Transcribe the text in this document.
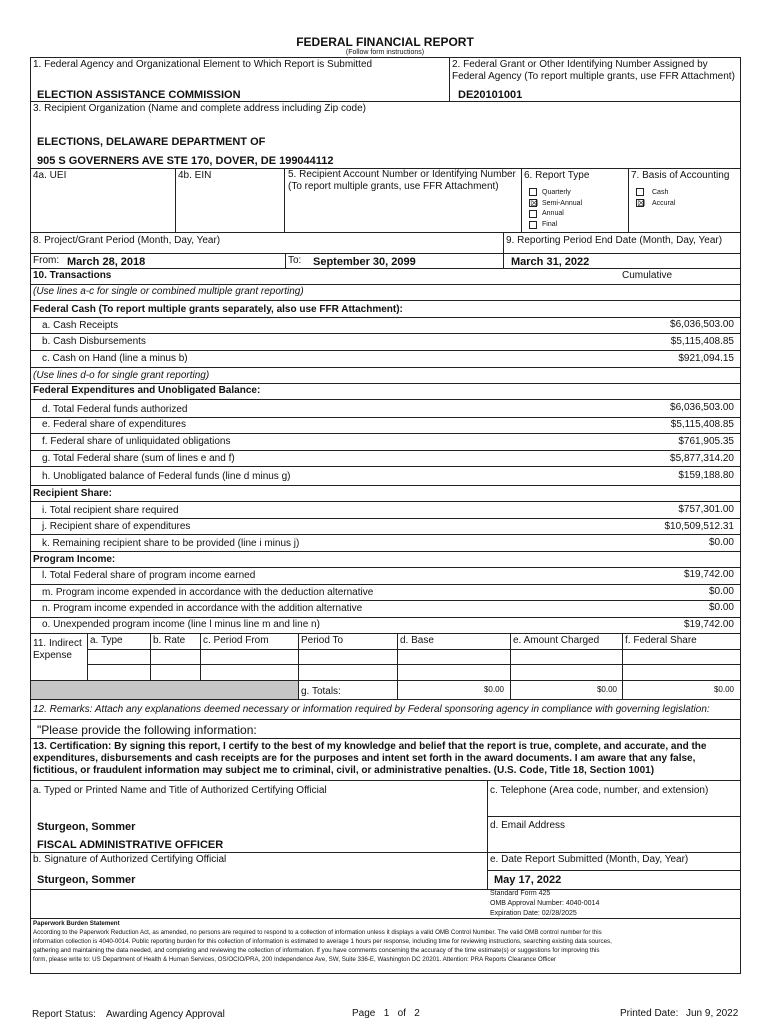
FEDERAL FINANCIAL REPORT
(Follow form instructions)
1. Federal Agency and Organizational Element to Which Report is Submitted
ELECTION ASSISTANCE COMMISSION
2. Federal Grant or Other Identifying Number Assigned by
Federal Agency (To report multiple grants, use FFR Attachment)
DE20101001
3. Recipient Organization (Name and complete address including Zip code)
ELECTIONS, DELAWARE DEPARTMENT OF
905 S GOVERNERS AVE STE 170, DOVER, DE 199044112
4a. UEI	4b. EIN	5. Recipient Account Number or Identifying Number
(To report multiple grants, use FFR Attachment)
6. Report Type	7. Basis of Accounting
Quarterly
☒ Semi-Annual
Annual
Final
Cash
☒ Accural
8. Project/Grant Period (Month, Day, Year)	9. Reporting Period End Date (Month, Day, Year)
From: March 28, 2018	To: September 30, 2099	March 31, 2022
10. Transactions	Cumulative
(Use lines a-c for single or combined multiple grant reporting)
Federal Cash (To report multiple grants separately, also use FFR Attachment):
a. Cash Receipts	$6,036,503.00
b. Cash Disbursements	$5,115,408.85
c. Cash on Hand (line a minus b)	$921,094.15
(Use lines d-o for single grant reporting)
Federal Expenditures and Unobligated Balance:
d. Total Federal funds authorized	$6,036,503.00
e. Federal share of expenditures	$5,115,408.85
f. Federal share of unliquidated obligations	$761,905.35
g. Total Federal share (sum of lines e and f)	$5,877,314.20
h. Unobligated balance of Federal funds (line d minus g)	$159,188.80
Recipient Share:
i. Total recipient share required	$757,301.00
j. Recipient share of expenditures	$10,509,512.31
k. Remaining recipient share to be provided (line i minus j)	$0.00
Program Income:
l. Total Federal share of program income earned	$19,742.00
m. Program income expended in accordance with the deduction alternative	$0.00
n. Program income expended in accordance with the addition alternative	$0.00
o. Unexpended program income (line l minus line m and line n)	$19,742.00
11. Indirect
Expense
a. Type	b. Rate c. Period From	Period To	d. Base	e. Amount Charged	f. Federal Share
g. Totals:	$0.00	$0.00	$0.00
12. Remarks: Attach any explanations deemed necessary or information required by Federal sponsoring agency in compliance with governing legislation:
"Please provide the following information:
13. Certification: By signing this report, I certify to the best of my knowledge and belief that the report is true, complete, and accurate, and the
expenditures, disbursements and cash receipts are for the purposes and intent set forth in the award documents. I am aware that any false,
fictitious, or fraudulent information may subject me to criminal, civil, or administrative penalties. (U.S. Code, Title 18, Section 1001)
a. Typed or Printed Name and Title of Authorized Certifying Official	c. Telephone (Area code, number, and extension)
d. Email Address
Sturgeon, Sommer
FISCAL ADMINISTRATIVE OFFICER
b. Signature of Authorized Certifying Official	e. Date Report Submitted (Month, Day, Year)
Sturgeon, Sommer	May 17, 2022
Standard Form 425
OMB Approval Number: 4040-0014
Expiration Date: 02/28/2025
Paperwork Burden Statement
According to the Paperwork Reduction Act, as amended, no persons are required to respond to a collection of information unless it displays a valid OMB Control Number. The valid OMB control number for this
information collection is 4040-0014. Public reporting burden for this collection of information is estimated to average 1 hours per response, including time for reviewing instructions, searching existing data sources,
gathering and maintaining the data needed, and completing and reviewing the collection of information. If you have comments concerning the accuracy of the time estimate(s) or suggestions for improving this
form, please write to: US Department of Health & Human Services, OS/OCIO/PRA, 200 Independence Ave, SW, Suite 336-E, Washington DC 20201. Attention: PRA Reports Clearance Officer
Report Status: Awarding Agency Approval	Page   1   of   2	Printed Date: Jun 9, 2022
